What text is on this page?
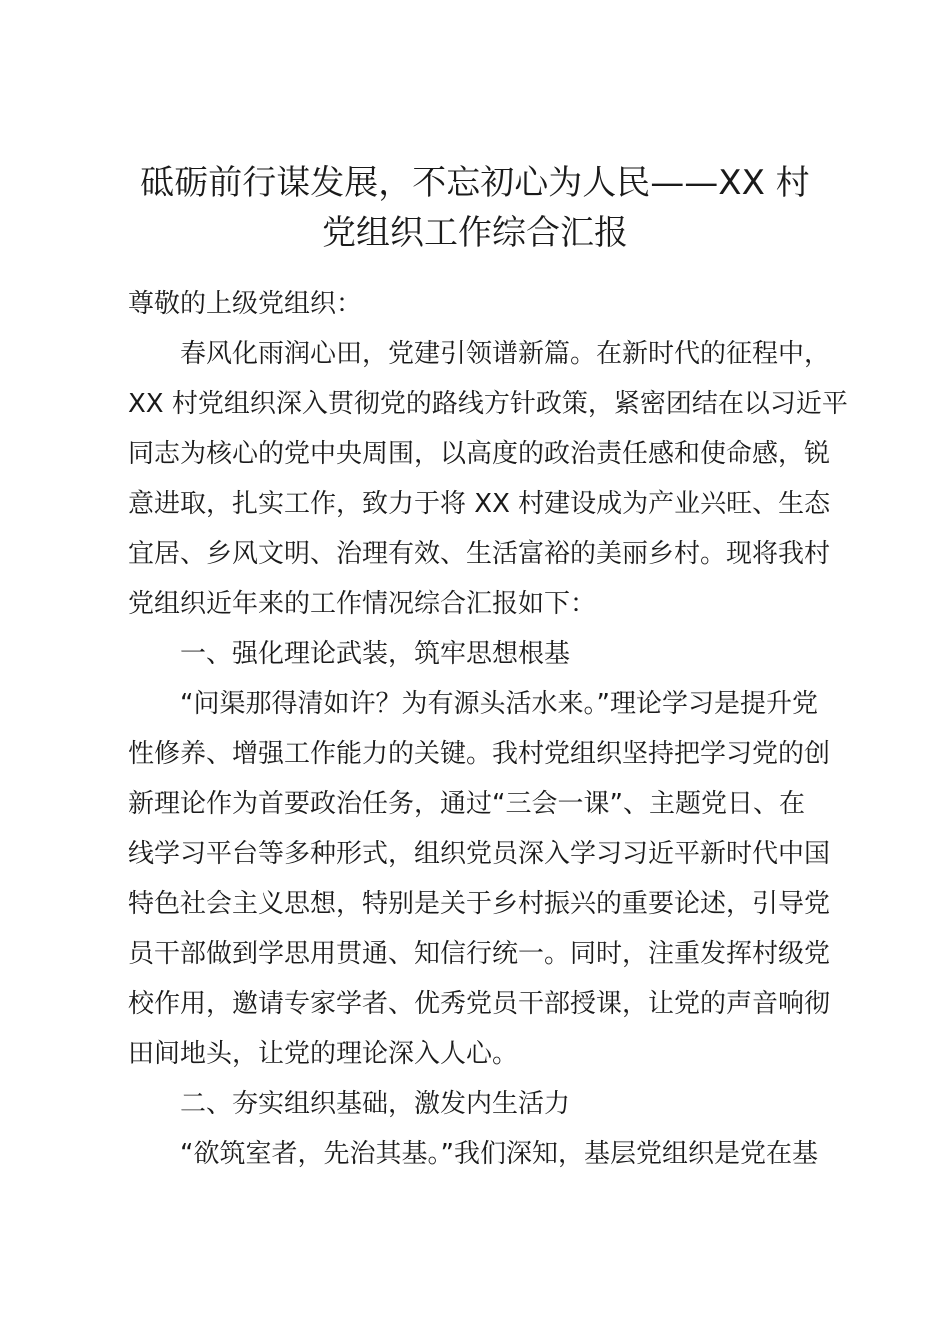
砥砺前行谋发展，不忘初心为人民——XX 村
党组织工作综合汇报

尊敬的上级党组织：

春风化雨润心田，党建引领谱新篇。在新时代的征程中，

XX 村党组织深入贯彻党的路线方针政策，紧密团结在以习近平

同志为核心的党中央周围，以高度的政治责任感和使命感，锐

意进取，扎实工作，致力于将 XX 村建设成为产业兴旺、生态

宜居、乡风文明、治理有效、生活富裕的美丽乡村。现将我村

党组织近年来的工作情况综合汇报如下：

一、强化理论武装，筑牢思想根基

“问渠那得清如许？为有源头活水来。”理论学习是提升党

性修养、增强工作能力的关键。我村党组织坚持把学习党的创

新理论作为首要政治任务，通过“三会一课”、主题党日、在

线学习平台等多种形式，组织党员深入学习习近平新时代中国

特色社会主义思想，特别是关于乡村振兴的重要论述，引导党

员干部做到学思用贯通、知信行统一。同时，注重发挥村级党

校作用，邀请专家学者、优秀党员干部授课，让党的声音响彻

田间地头，让党的理论深入人心。

二、夯实组织基础，激发内生活力

“欲筑室者，先治其基。”我们深知，基层党组织是党在基
